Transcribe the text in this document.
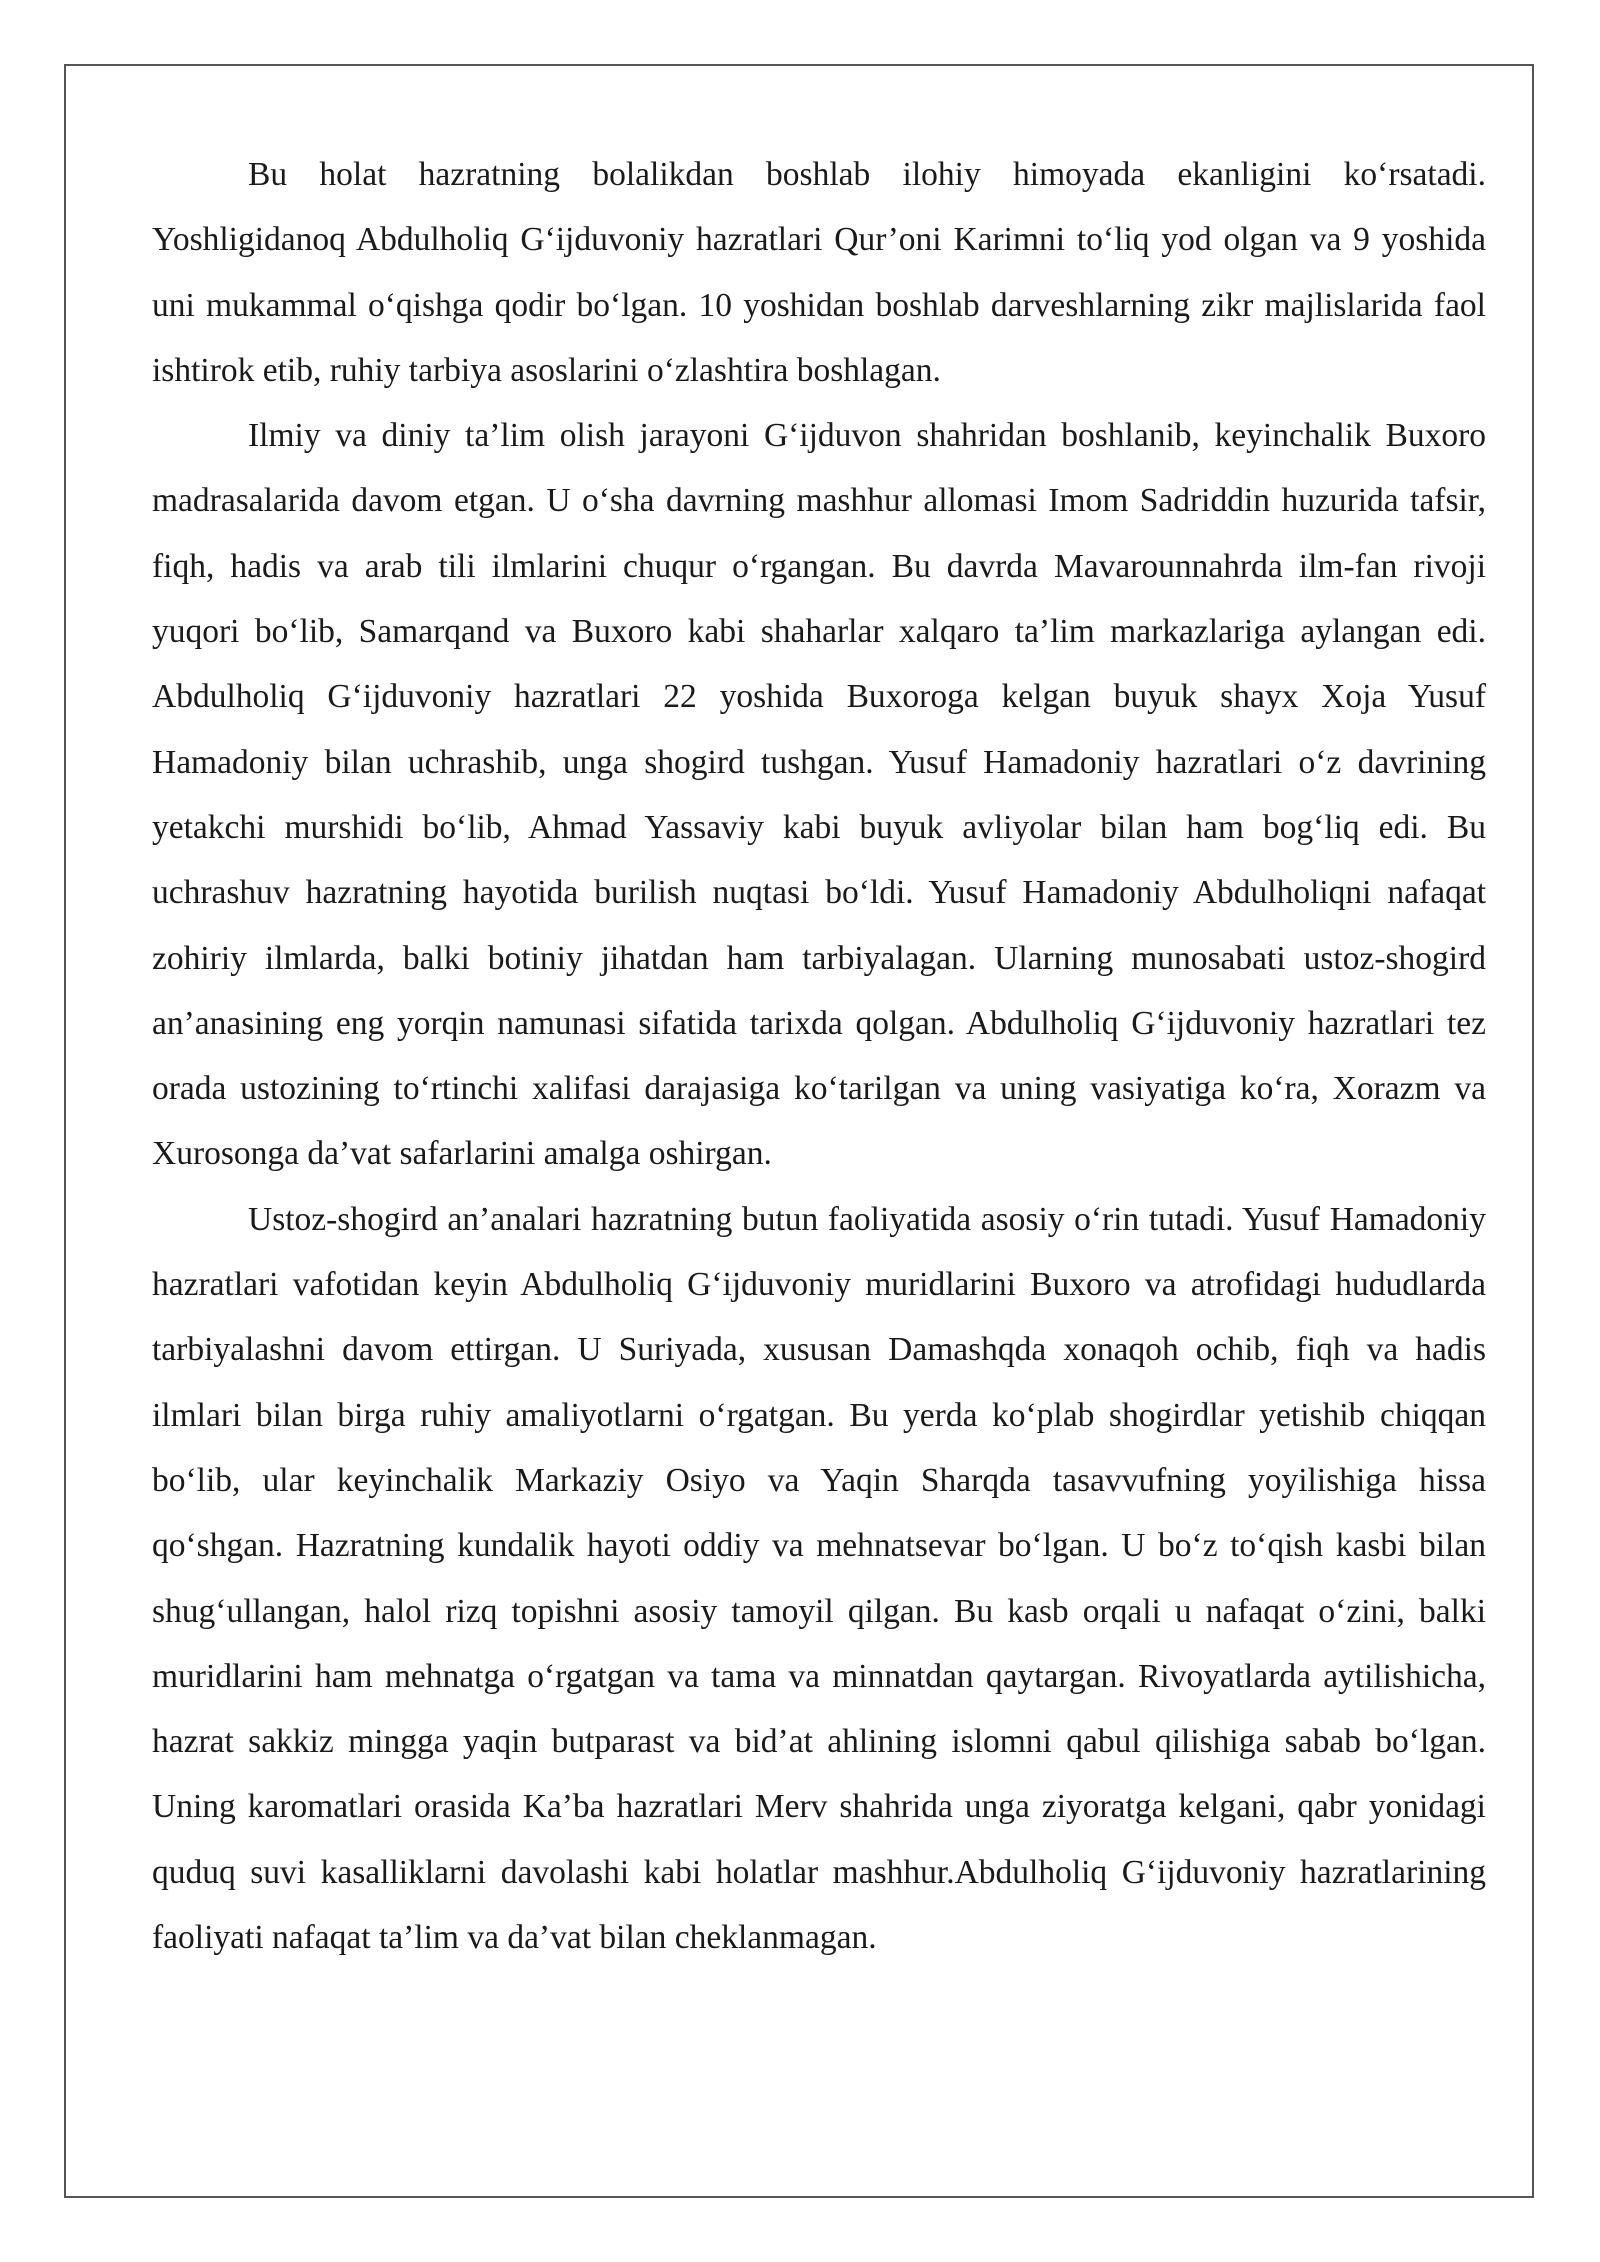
Bu holat hazratning bolalikdan boshlab ilohiy himoyada ekanligini koʻrsatadi. Yoshligidanoq Abdulholiq Gʻijduvoniy hazratlari Qur’oni Karimni toʻliq yod olgan va 9 yoshida uni mukammal oʻqishga qodir boʻlgan. 10 yoshidan boshlab darveshlarning zikr majlislarida faol ishtirok etib, ruhiy tarbiya asoslarini oʻzlashtira boshlagan.

Ilmiy va diniy ta’lim olish jarayoni Gʻijduvon shahridan boshlanib, keyinchalik Buxoro madrasalarida davom etgan. U oʻsha davrning mashhur allomasi Imom Sadriddin huzurida tafsir, fiqh, hadis va arab tili ilmlarini chuqur oʻrgangan. Bu davrda Mavarounnahrda ilm-fan rivoji yuqori boʻlib, Samarqand va Buxoro kabi shaharlar xalqaro ta’lim markazlariga aylangan edi. Abdulholiq Gʻijduvoniy hazratlari 22 yoshida Buxoroga kelgan buyuk shayx Xoja Yusuf Hamadoniy bilan uchrashib, unga shogird tushgan. Yusuf Hamadoniy hazratlari oʻz davrining yetakchi murshidi boʻlib, Ahmad Yassaviy kabi buyuk avliyolar bilan ham bogʻliq edi. Bu uchrashuv hazratning hayotida burilish nuqtasi boʻldi. Yusuf Hamadoniy Abdulholiqni nafaqat zohiriy ilmlarda, balki botiniy jihatdan ham tarbiyalagan. Ularning munosabati ustoz-shogird an’anasining eng yorqin namunasi sifatida tarixda qolgan. Abdulholiq Gʻijduvoniy hazratlari tez orada ustozining toʻrtinchi xalifasi darajasiga koʻtarilgan va uning vasiyatiga koʻra, Xorazm va Xurosonga da’vat safarlarini amalga oshirgan.

Ustoz-shogird an’analari hazratning butun faoliyatida asosiy oʻrin tutadi. Yusuf Hamadoniy hazratlari vafotidan keyin Abdulholiq Gʻijduvoniy muridlarini Buxoro va atrofidagi hududlarda tarbiyalashni davom ettirgan. U Suriyada, xususan Damashqda xonaqoh ochib, fiqh va hadis ilmlari bilan birga ruhiy amaliyotlarni oʻrgatgan. Bu yerda koʻplab shogirdlar yetishib chiqqan boʻlib, ular keyinchalik Markaziy Osiyo va Yaqin Sharqda tasavvufning yoyilishiga hissa qoʻshgan. Hazratning kundalik hayoti oddiy va mehnatsevar boʻlgan. U boʻz toʻqish kasbi bilan shugʻullangan, halol rizq topishni asosiy tamoyil qilgan. Bu kasb orqali u nafaqat oʻzini, balki muridlarini ham mehnatga oʻrgatgan va tama va minnatdan qaytargan. Rivoyatlarda aytilishicha, hazrat sakkiz mingga yaqin butparast va bid’at ahlining islomni qabul qilishiga sabab boʻlgan. Uning karomatlari orasida Ka’ba hazratlari Merv shahrida unga ziyoratga kelgani, qabr yonidagi quduq suvi kasalliklarni davolashi kabi holatlar mashhur.Abdulholiq Gʻijduvoniy hazratlarining faoliyati nafaqat ta’lim va da’vat bilan cheklanmagan.
